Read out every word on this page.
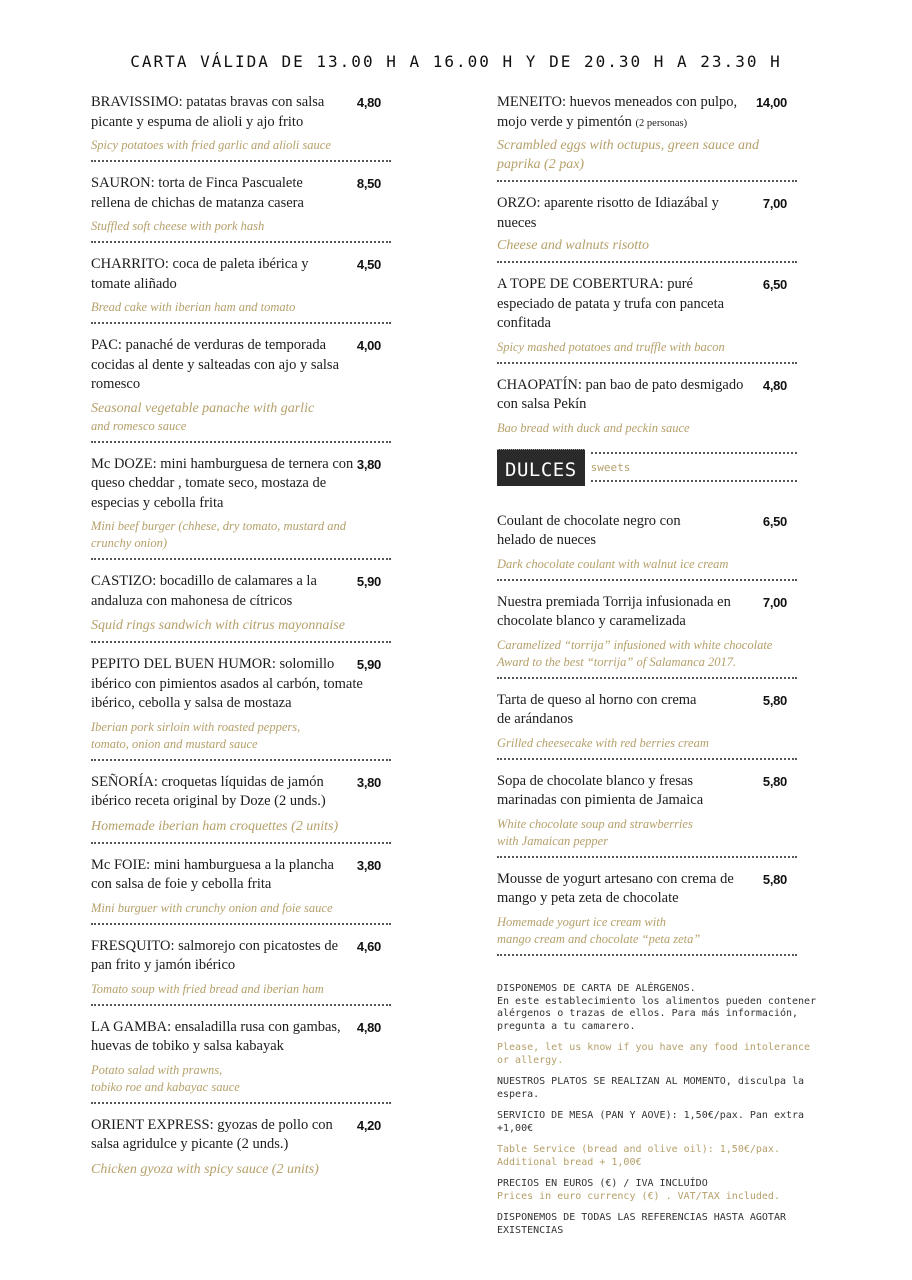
CARTA VÁLIDA DE 13.00 H A 16.00 H Y DE 20.30 H A 23.30 H
BRAVISSIMO: patatas bravas con salsa picante y espuma de alioli y ajo frito
4,80
Spicy potatoes with fried garlic and alioli sauce
SAURON: torta de Finca Pascualete rellena de chichas de matanza casera
8,50
Stuffled soft cheese with pork hash
CHARRITO: coca de paleta ibérica y tomate aliñado
4,50
Bread cake with iberian ham and tomato
PAC: panaché de verduras de temporada cocidas al dente y salteadas con ajo y salsa romesco
4,00
Seasonal vegetable panache with garlic
and romesco sauce
Mc DOZE: mini hamburguesa de ternera con queso cheddar , tomate seco, mostaza de especias y cebolla frita
3,80
Mini beef burger (chhese, dry tomato, mustard and crunchy onion)
CASTIZO: bocadillo de calamares a la andaluza con mahonesa de cítricos
5,90
Squid rings sandwich with citrus mayonnaise
PEPITO DEL BUEN HUMOR: solomillo ibérico con pimientos asados al carbón, tomate ibérico, cebolla y salsa de mostaza
5,90
Iberian pork sirloin with roasted peppers, tomato, onion and mustard sauce
SEÑORÍA: croquetas líquidas de jamón ibérico receta original by Doze (2 unds.)
3,80
Homemade iberian ham croquettes (2 units)
Mc FOIE: mini hamburguesa a la plancha con salsa de foie y cebolla frita
3,80
Mini burguer with crunchy onion and foie sauce
FRESQUITO: salmorejo con picatostes de pan frito y jamón ibérico
4,60
Tomato soup with fried bread and iberian ham
LA GAMBA: ensaladilla rusa con gambas, huevas de tobiko y salsa kabayak
4,80
Potato salad with prawns,
tobiko roe and kabayac sauce
ORIENT EXPRESS: gyozas de pollo con salsa agridulce y picante (2 unds.)
4,20
Chicken gyoza with spicy sauce (2 units)
MENEITO: huevos meneados con pulpo, mojo verde y pimentón (2 personas)
14,00
Scrambled eggs with octupus, green sauce and paprika (2 pax)
ORZO: aparente risotto de Idiazábal y nueces
7,00
Cheese and walnuts risotto
A TOPE DE COBERTURA: puré especiado de patata y trufa con panceta confitada
6,50
Spicy mashed potatoes and truffle with bacon
CHAOPATÍN: pan bao de pato desmigado con salsa Pekín
4,80
Bao bread with duck and peckin sauce
DULCES	sweets
Coulant de chocolate negro con helado de nueces
6,50
Dark chocolate coulant with walnut ice cream
Nuestra premiada Torrija infusionada en chocolate blanco y caramelizada
7,00
Caramelized “torrija” infusioned with white chocolate
Award to the best “torrija” of Salamanca 2017.
Tarta de queso al horno con crema de arándanos
5,80
Grilled cheesecake with red berries cream
Sopa de chocolate blanco y fresas marinadas con pimienta de Jamaica
5,80
White chocolate soup and strawberries
with Jamaican pepper
Mousse de yogurt artesano con crema de mango y peta zeta de chocolate
5,80
Homemade yogurt ice cream with
mango cream and chocolate “peta zeta”

DISPONEMOS DE CARTA DE ALÉRGENOS.
En este establecimiento los alimentos pueden contener alérgenos o trazas de ellos. Para más información, pregunta a tu camarero.

Please, let us know if you have any food intolerance or allergy.

NUESTROS PLATOS SE REALIZAN AL MOMENTO, disculpa la espera.

SERVICIO DE MESA (PAN Y AOVE): 1,50€/pax. Pan extra +1,00€

Table Service (bread and olive oil): 1,50€/pax. Additional bread + 1,00€

PRECIOS EN EUROS (€) / IVA INCLUÍDO

Prices in euro currency (€) . VAT/TAX included.

DISPONEMOS DE TODAS LAS REFERENCIAS HASTA AGOTAR EXISTENCIAS
